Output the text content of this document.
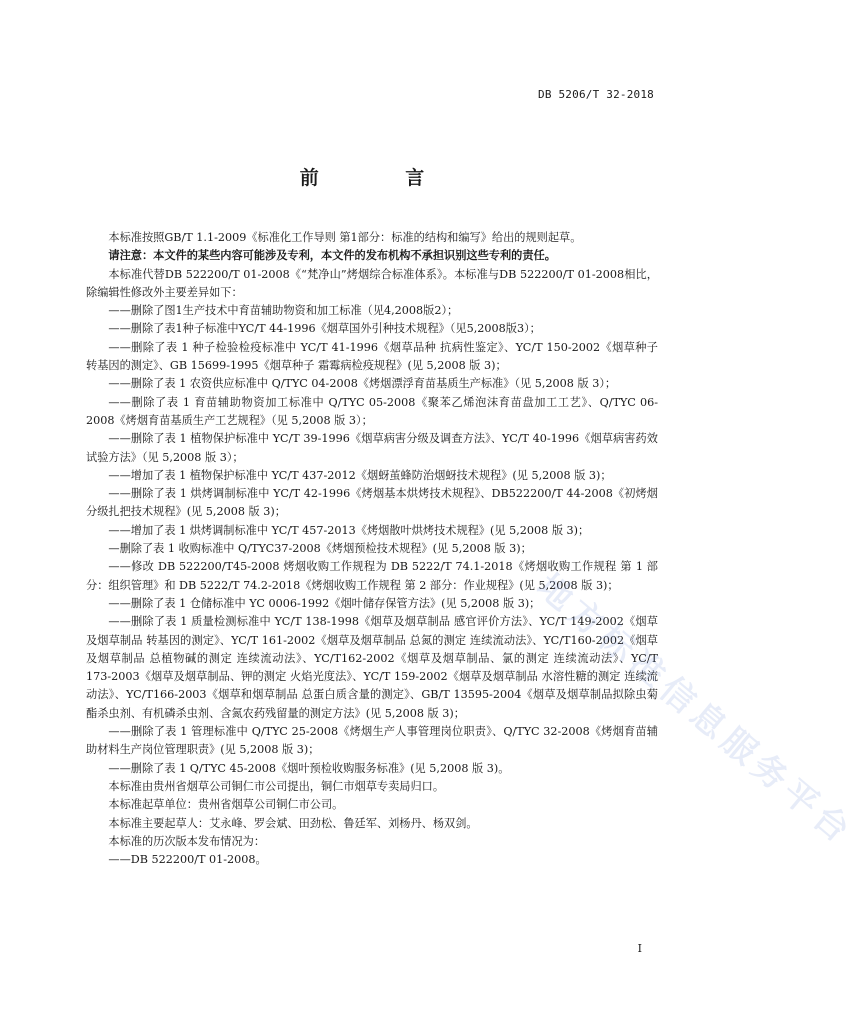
DB 5206/T 32-2018
前 言

本标准按照GB/T 1.1-2009《标准化工作导则 第1部分：标准的结构和编写》给出的规则起草。

请注意：本文件的某些内容可能涉及专利，本文件的发布机构不承担识别这些专利的责任。

本标准代替DB 522200/T 01-2008《“梵净山”烤烟综合标准体系》。本标准与DB 522200/T 01-2008相比，除编辑性修改外主要差异如下：

——删除了图1生产技术中育苗辅助物资和加工标准（见4,2008版2）；

——删除了表1种子标准中YC/T 44-1996《烟草国外引种技术规程》（见5,2008版3）；

——删除了表 1 种子检验检疫标准中 YC/T 41-1996《烟草品种 抗病性鉴定》、YC/T 150-2002《烟草种子 转基因的测定》、GB 15699-1995《烟草种子 霜霉病检疫规程》(见 5,2008 版 3)；

——删除了表 1 农资供应标准中 Q/TYC 04-2008《烤烟漂浮育苗基质生产标准》（见 5,2008 版 3）；

——删除了表 1 育苗辅助物资加工标准中 Q/TYC 05-2008《聚苯乙烯泡沫育苗盘加工工艺》、Q/TYC 06-2008《烤烟育苗基质生产工艺规程》（见 5,2008 版 3）；

——删除了表 1 植物保护标准中 YC/T 39-1996《烟草病害分级及调查方法》、YC/T 40-1996《烟草病害药效试验方法》（见 5,2008 版 3）；

——增加了表 1 植物保护标准中 YC/T 437-2012《烟蚜茧蜂防治烟蚜技术规程》(见 5,2008 版 3)；

——删除了表 1 烘烤调制标准中 YC/T 42-1996《烤烟基本烘烤技术规程》、DB522200/T 44-2008《初烤烟分级扎把技术规程》(见 5,2008 版 3)；

——增加了表 1 烘烤调制标准中 YC/T 457-2013《烤烟散叶烘烤技术规程》(见 5,2008 版 3)；

—删除了表 1 收购标准中 Q/TYC37-2008《烤烟预检技术规程》(见 5,2008 版 3)；

——修改 DB 522200/T45-2008 烤烟收购工作规程为 DB 5222/T 74.1-2018《烤烟收购工作规程 第 1 部分：组织管理》和 DB 5222/T 74.2-2018《烤烟收购工作规程 第 2 部分：作业规程》(见 5,2008 版 3)；

——删除了表 1 仓储标准中 YC 0006-1992《烟叶储存保管方法》(见 5,2008 版 3)；

——删除了表 1 质量检测标准中 YC/T 138-1998《烟草及烟草制品 感官评价方法》、YC/T 149-2002《烟草及烟草制品 转基因的测定》、YC/T 161-2002《烟草及烟草制品 总氮的测定 连续流动法》、YC/T160-2002《烟草及烟草制品 总植物碱的测定 连续流动法》、YC/T162-2002《烟草及烟草制品、氯的测定 连续流动法》、YC/T 173-2003《烟草及烟草制品、钾的测定 火焰光度法》、YC/T 159-2002《烟草及烟草制品 水溶性糖的测定 连续流动法》、YC/T166-2003《烟草和烟草制品 总蛋白质含量的测定》、GB/T 13595-2004《烟草及烟草制品拟除虫菊酯杀虫剂、有机磷杀虫剂、含氮农药残留量的测定方法》(见 5,2008 版 3)；

——删除了表 1 管理标准中 Q/TYC 25-2008《烤烟生产人事管理岗位职责》、Q/TYC 32-2008《烤烟育苗辅助材料生产岗位管理职责》(见 5,2008 版 3)；

——删除了表 1 Q/TYC 45-2008《烟叶预检收购服务标准》(见 5,2008 版 3)。

本标准由贵州省烟草公司铜仁市公司提出，铜仁市烟草专卖局归口。

本标准起草单位：贵州省烟草公司铜仁市公司。

本标准主要起草人：艾永峰、罗会斌、田劲松、鲁廷军、刘杨丹、杨双剑。

本标准的历次版本发布情况为：

——DB 522200/T 01-2008。

地方标准信息服务平台
I
